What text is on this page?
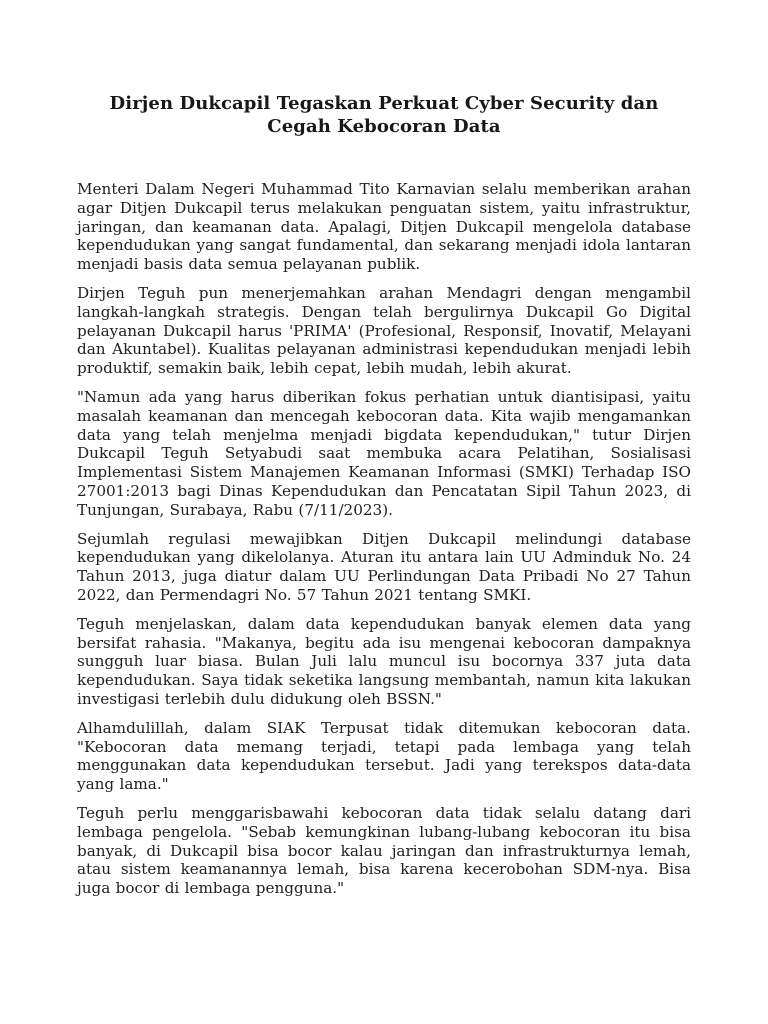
Dirjen Dukcapil Tegaskan Perkuat Cyber Security dan Cegah Kebocoran Data

Menteri Dalam Negeri Muhammad Tito Karnavian selalu memberikan arahan agar Ditjen Dukcapil terus melakukan penguatan sistem, yaitu infrastruktur, jaringan, dan keamanan data. Apalagi, Ditjen Dukcapil mengelola database kependudukan yang sangat fundamental, dan sekarang menjadi idola lantaran menjadi basis data semua pelayanan publik.

Dirjen Teguh pun menerjemahkan arahan Mendagri dengan mengambil langkah-langkah strategis. Dengan telah bergulirnya Dukcapil Go Digital pelayanan Dukcapil harus 'PRIMA' (Profesional, Responsif, Inovatif, Melayani dan Akuntabel). Kualitas pelayanan administrasi kependudukan menjadi lebih produktif, semakin baik, lebih cepat, lebih mudah, lebih akurat.

"Namun ada yang harus diberikan fokus perhatian untuk diantisipasi, yaitu masalah keamanan dan mencegah kebocoran data. Kita wajib mengamankan data yang telah menjelma menjadi bigdata kependudukan," tutur Dirjen Dukcapil Teguh Setyabudi saat membuka acara Pelatihan, Sosialisasi Implementasi Sistem Manajemen Keamanan Informasi (SMKI) Terhadap ISO 27001:2013 bagi Dinas Kependudukan dan Pencatatan Sipil Tahun 2023, di Tunjungan, Surabaya, Rabu (7/11/2023).

Sejumlah regulasi mewajibkan Ditjen Dukcapil melindungi database kependudukan yang dikelolanya. Aturan itu antara lain UU Adminduk No. 24 Tahun 2013, juga diatur dalam UU Perlindungan Data Pribadi No 27 Tahun 2022, dan Permendagri No. 57 Tahun 2021 tentang SMKI.

Teguh menjelaskan, dalam data kependudukan banyak elemen data yang bersifat rahasia. "Makanya, begitu ada isu mengenai kebocoran dampaknya sungguh luar biasa. Bulan Juli lalu muncul isu bocornya 337 juta data kependudukan. Saya tidak seketika langsung membantah, namun kita lakukan investigasi terlebih dulu didukung oleh BSSN."

Alhamdulillah, dalam SIAK Terpusat tidak ditemukan kebocoran data. "Kebocoran data memang terjadi, tetapi pada lembaga yang telah menggunakan data kependudukan tersebut. Jadi yang terekspos data-data yang lama."

Teguh perlu menggarisbawahi kebocoran data tidak selalu datang dari lembaga pengelola. "Sebab kemungkinan lubang-lubang kebocoran itu bisa banyak, di Dukcapil bisa bocor kalau jaringan dan infrastrukturnya lemah, atau sistem keamanannya lemah, bisa karena kecerobohan SDM-nya. Bisa juga bocor di lembaga pengguna."
